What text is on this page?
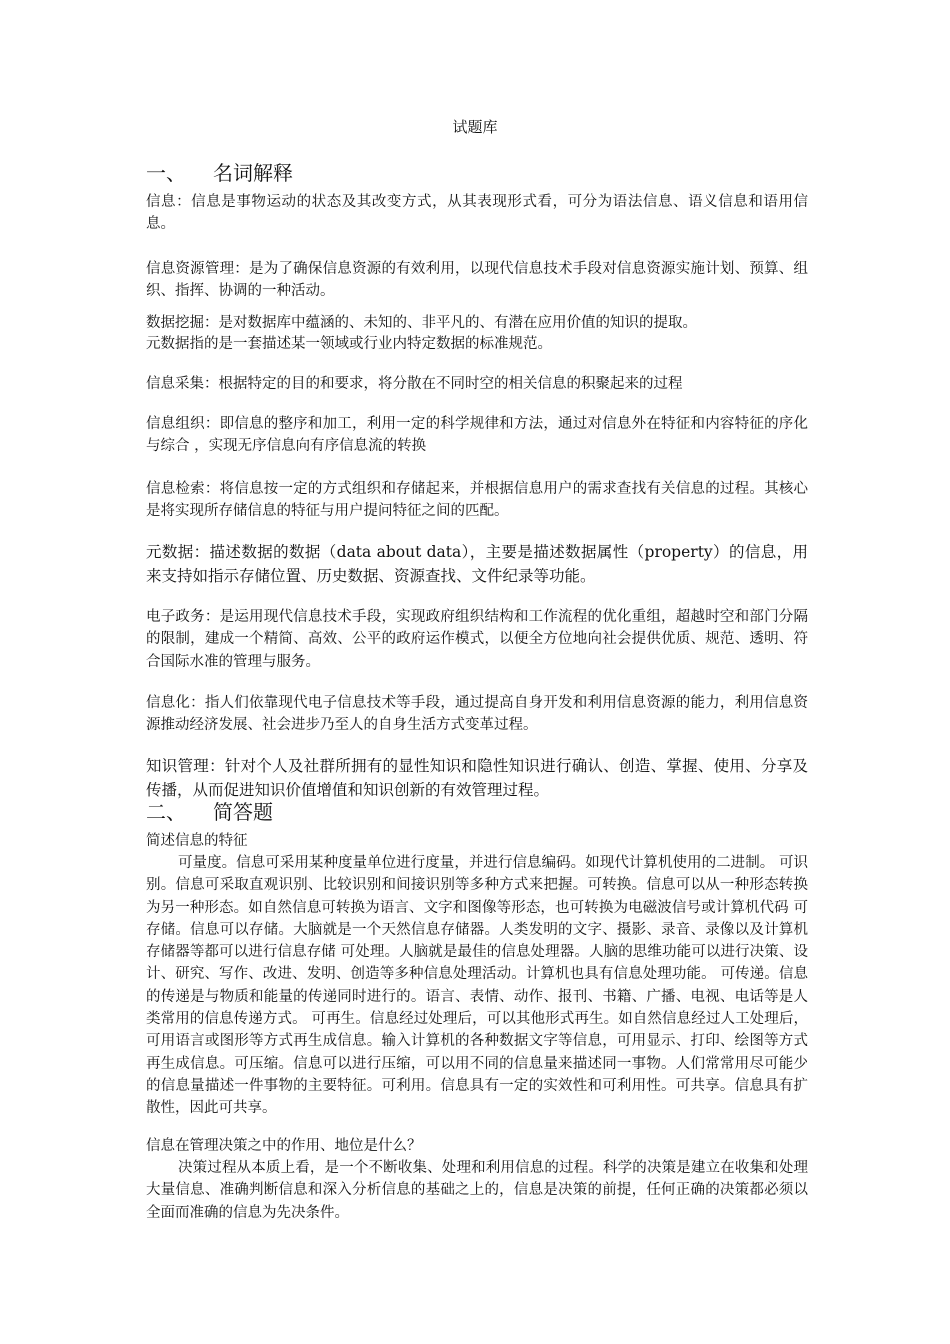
试题库
一、 名词解释

信息：信息是事物运动的状态及其改变方式，从其表现形式看，可分为语法信息、语义信息和语用信息。

信息资源管理：是为了确保信息资源的有效利用，以现代信息技术手段对信息资源实施计划、预算、组织、指挥、协调的一种活动。

数据挖掘：是对数据库中蕴涵的、未知的、非平凡的、有潜在应用价值的知识的提取。

元数据指的是一套描述某一领域或行业内特定数据的标准规范。

信息采集：根据特定的目的和要求，将分散在不同时空的相关信息的积聚起来的过程

信息组织：即信息的整序和加工，利用一定的科学规律和方法，通过对信息外在特征和内容特征的序化与综合 ，实现无序信息向有序信息流的转换

信息检索：将信息按一定的方式组织和存储起来，并根据信息用户的需求查找有关信息的过程。其核心是将实现所存储信息的特征与用户提问特征之间的匹配。

元数据：描述数据的数据（data about data），主要是描述数据属性（property）的信息，用来支持如指示存储位置、历史数据、资源查找、文件纪录等功能。

电子政务：是运用现代信息技术手段，实现政府组织结构和工作流程的优化重组，超越时空和部门分隔的限制，建成一个精简、高效、公平的政府运作模式，以便全方位地向社会提供优质、规范、透明、符合国际水准的管理与服务。

信息化：指人们依靠现代电子信息技术等手段，通过提高自身开发和利用信息资源的能力，利用信息资源推动经济发展、社会进步乃至人的自身生活方式变革过程。

知识管理：针对个人及社群所拥有的显性知识和隐性知识进行确认、创造、掌握、使用、分享及传播，从而促进知识价值增值和知识创新的有效管理过程。

二、 简答题
简述信息的特征

可量度。信息可采用某种度量单位进行度量，并进行信息编码。如现代计算机使用的二进制。 可识别。信息可采取直观识别、比较识别和间接识别等多种方式来把握。可转换。信息可以从一种形态转换为另一种形态。如自然信息可转换为语言、文字和图像等形态，也可转换为电磁波信号或计算机代码 可存储。信息可以存储。大脑就是一个天然信息存储器。人类发明的文字、摄影、录音、录像以及计算机存储器等都可以进行信息存储 可处理。人脑就是最佳的信息处理器。人脑的思维功能可以进行决策、设计、研究、写作、改进、发明、创造等多种信息处理活动。计算机也具有信息处理功能。 可传递。信息的传递是与物质和能量的传递同时进行的。语言、表情、动作、报刊、书籍、广播、电视、电话等是人类常用的信息传递方式。 可再生。信息经过处理后，可以其他形式再生。如自然信息经过人工处理后，可用语言或图形等方式再生成信息。输入计算机的各种数据文字等信息，可用显示、打印、绘图等方式再生成信息。可压缩。信息可以进行压缩，可以用不同的信息量来描述同一事物。人们常常用尽可能少的信息量描述一件事物的主要特征。可利用。信息具有一定的实效性和可利用性。可共享。信息具有扩散性，因此可共享。

信息在管理决策之中的作用、地位是什么？

决策过程从本质上看，是一个不断收集、处理和利用信息的过程。科学的决策是建立在收集和处理大量信息、准确判断信息和深入分析信息的基础之上的，信息是决策的前提，任何正确的决策都必须以全面而准确的信息为先决条件。
